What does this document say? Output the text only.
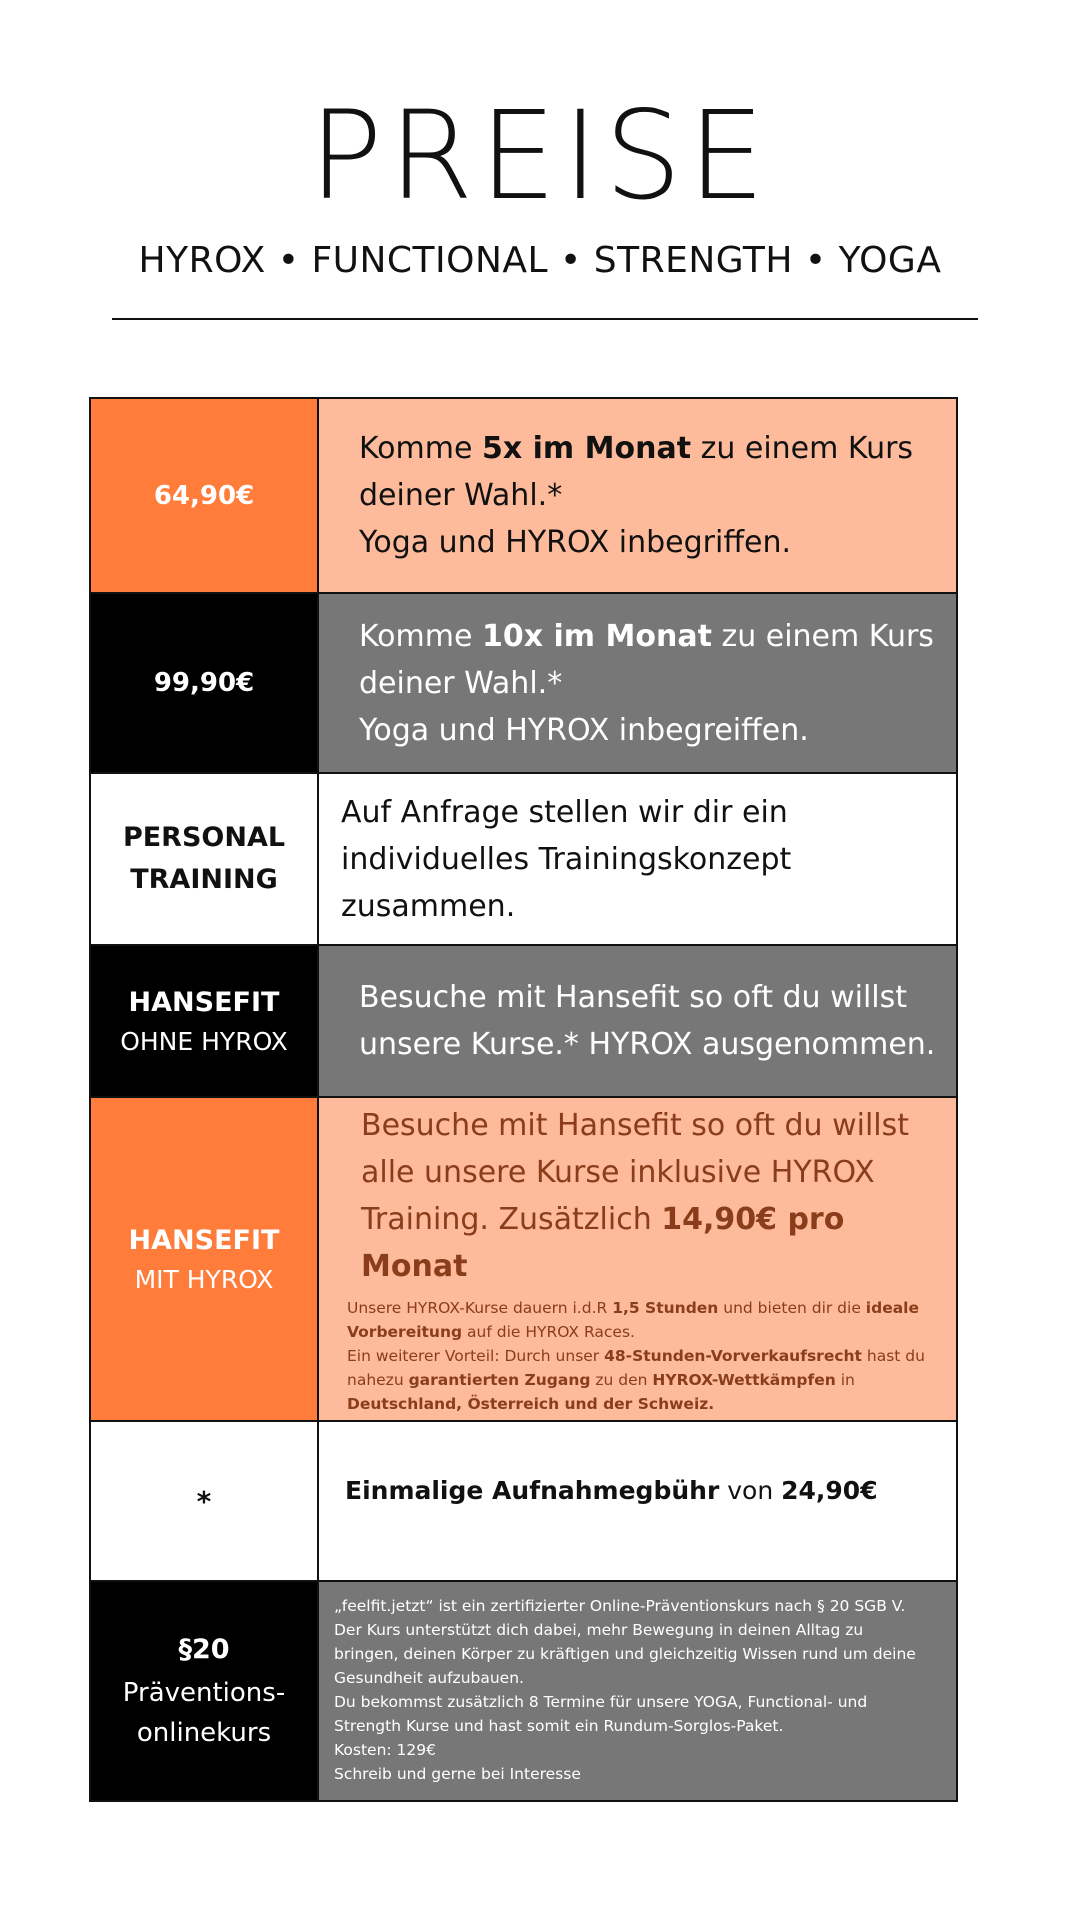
PREISE
HYROX • FUNCTIONAL • STRENGTH • YOGA
64,90€
Komme 5x im Monat zu einem Kurs
deiner Wahl.*
Yoga und HYROX inbegriffen.
99,90€
Komme 10x im Monat zu einem Kurs
deiner Wahl.*
Yoga und HYROX inbegreiffen.
PERSONAL
TRAINING
Auf Anfrage stellen wir dir ein
individuelles Trainingskonzept
zusammen.
HANSEFIT
OHNE HYROX
Besuche mit Hansefit so oft du willst
unsere Kurse.* HYROX ausgenommen.
HANSEFIT
MIT HYROX
Besuche mit Hansefit so oft du willst
alle unsere Kurse inklusive HYROX
Training. Zusätzlich 14,90€ pro Monat
Unsere HYROX-Kurse dauern i.d.R 1,5 Stunden und bieten dir die ideale
Vorbereitung auf die HYROX Races.
Ein weiterer Vorteil: Durch unser 48-Stunden-Vorverkaufsrecht hast du
nahezu garantierten Zugang zu den HYROX-Wettkämpfen in
Deutschland, Österreich und der Schweiz.
*	Einmalige Aufnahmegbühr von 24,90€
§20
Präventions-
onlinekurs
„feelfit.jetzt“ ist ein zertifizierter Online-Präventionskurs nach § 20 SGB V.
Der Kurs unterstützt dich dabei, mehr Bewegung in deinen Alltag zu
bringen, deinen Körper zu kräftigen und gleichzeitig Wissen rund um deine
Gesundheit aufzubauen.
Du bekommst zusätzlich 8 Termine für unsere YOGA, Functional- und
Strength Kurse und hast somit ein Rundum-Sorglos-Paket.
Kosten: 129€
Schreib und gerne bei Interesse
